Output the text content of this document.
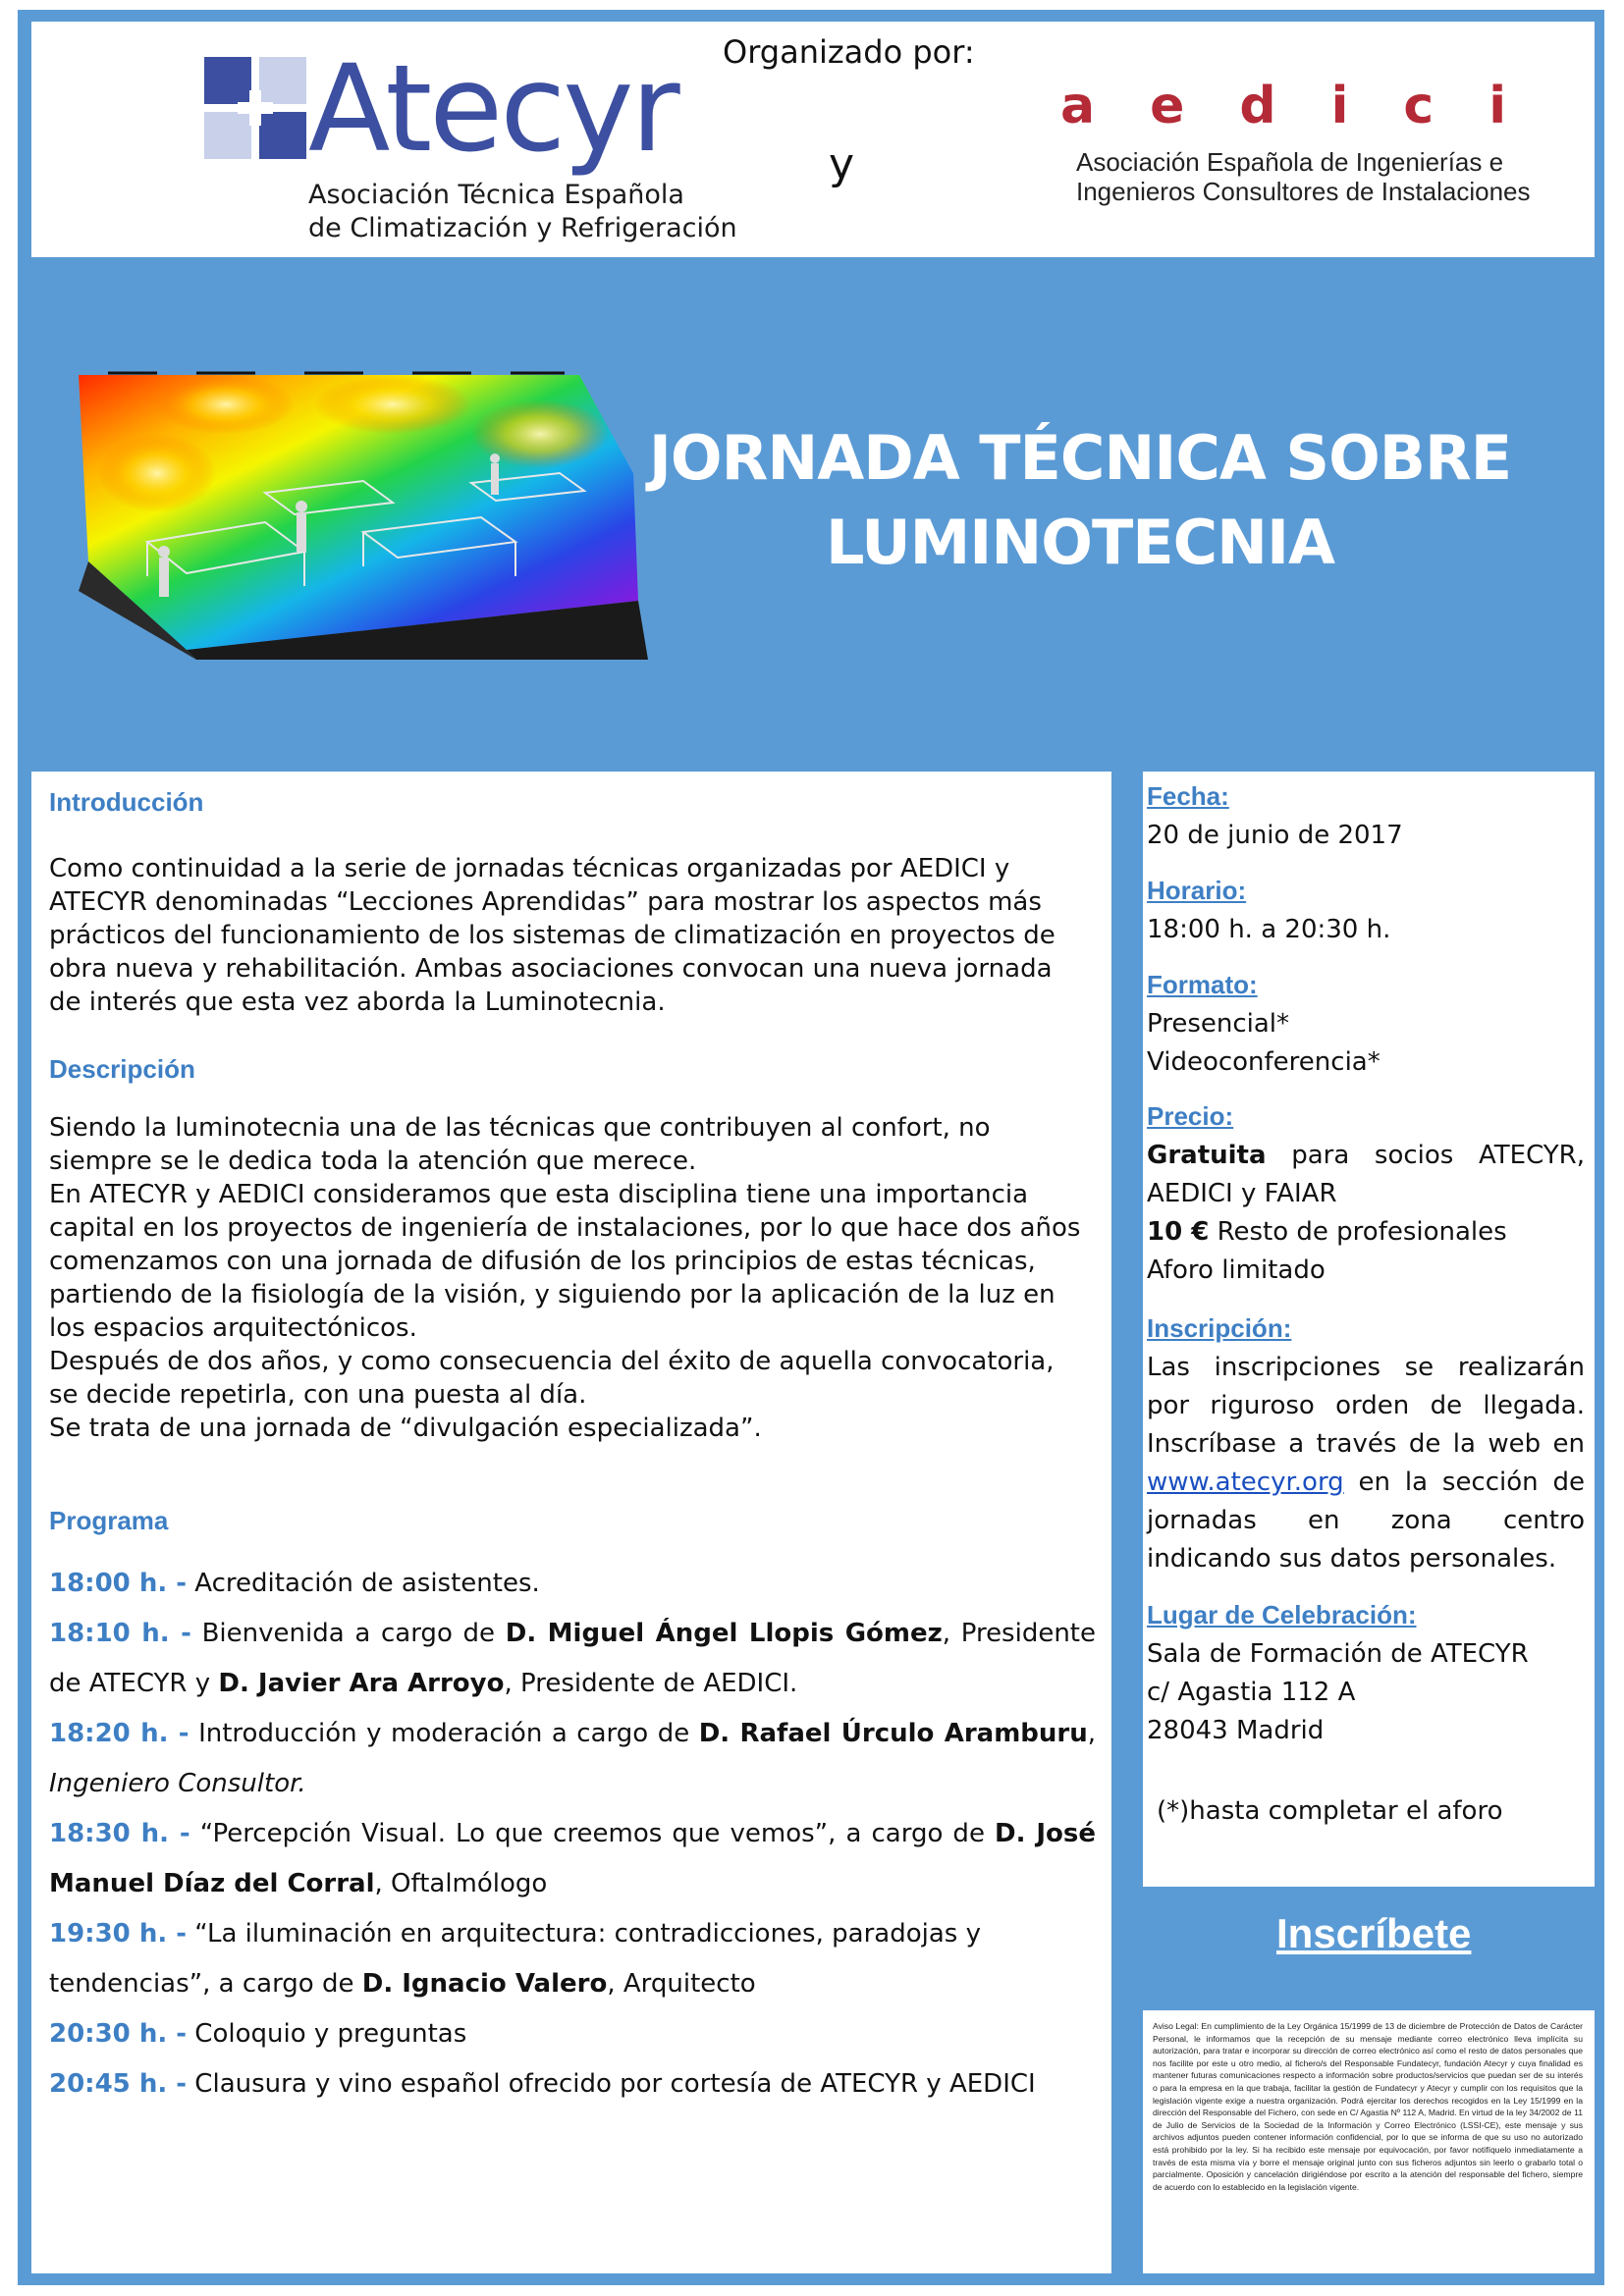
Atecyr
Asociación Técnica Española
de Climatización y Refrigeración
Organizado por:
y
aedici
Asociación Española de Ingenierías e
Ingenieros Consultores de Instalaciones
JORNADA TÉCNICA SOBRE
LUMINOTECNIA
Introducción
Como continuidad a la serie de jornadas técnicas organizadas por AEDICI y
ATECYR denominadas “Lecciones Aprendidas” para mostrar los aspectos más
prácticos del funcionamiento de los sistemas de climatización en proyectos de
obra nueva y rehabilitación. Ambas asociaciones convocan una nueva jornada
de interés que esta vez aborda la Luminotecnia.
Descripción
Siendo la luminotecnia una de las técnicas que contribuyen al confort, no
siempre se le dedica toda la atención que merece.
En ATECYR y AEDICI consideramos que esta disciplina tiene una importancia
capital en los proyectos de ingeniería de instalaciones, por lo que hace dos años
comenzamos con una jornada de difusión de los principios de estas técnicas,
partiendo de la fisiología de la visión, y siguiendo por la aplicación de la luz en
los espacios arquitectónicos.
Después de dos años, y como consecuencia del éxito de aquella convocatoria,
se decide repetirla, con una puesta al día.
Se trata de una jornada de “divulgación especializada”.
Programa
18:00 h. - Acreditación de asistentes.
18:10 h. - Bienvenida a cargo de D. Miguel Ángel Llopis Gómez, Presidente de ATECYR y D. Javier Ara Arroyo, Presidente de AEDICI.
18:20 h. - Introducción y moderación a cargo de D. Rafael Úrculo Aramburu, Ingeniero Consultor.
18:30 h. - “Percepción Visual. Lo que creemos que vemos”, a cargo de D. José Manuel Díaz del Corral, Oftalmólogo
19:30 h. - “La iluminación en arquitectura: contradicciones, paradojas y tendencias”, a cargo de D. Ignacio Valero, Arquitecto
20:30 h. - Coloquio y preguntas
20:45 h. - Clausura y vino español ofrecido por cortesía de ATECYR y AEDICI
Fecha:
20 de junio de 2017
Horario:
18:00 h. a 20:30 h.
Formato:
Presencial*
Videoconferencia*
Precio:
Gratuita para socios ATECYR, AEDICI y FAIAR
10 € Resto de profesionales
Aforo limitado
Inscripción:
Las inscripciones se realizarán por riguroso orden de llegada. Inscríbase a través de la web en www.atecyr.org en la sección de jornadas en zona centro indicando sus datos personales.
Lugar de Celebración:
Sala de Formación de ATECYR
c/ Agastia 112 A
28043 Madrid
(*)hasta completar el aforo
Inscríbete
Aviso Legal: En cumplimiento de la Ley Orgánica 15/1999 de 13 de diciembre de Protección de Datos de Carácter Personal, le informamos que la recepción de su mensaje mediante correo electrónico lleva implícita su autorización, para tratar e incorporar su dirección de correo electrónico así como el resto de datos personales que nos facilite por este u otro medio, al fichero/s del Responsable Fundatecyr, fundación Atecyr y cuya finalidad es mantener futuras comunicaciones respecto a información sobre productos/servicios que puedan ser de su interés o para la empresa en la que trabaja, facilitar la gestión de Fundatecyr y Atecyr y cumplir con los requisitos que la legislación vigente exige a nuestra organización. Podrá ejercitar los derechos recogidos en la Ley 15/1999 en la dirección del Responsable del Fichero, con sede en C/ Agastia Nº 112 A, Madrid. En virtud de la ley 34/2002 de 11 de Julio de Servicios de la Sociedad de la Información y Correo Electrónico (LSSI-CE), este mensaje y sus archivos adjuntos pueden contener información confidencial, por lo que se informa de que su uso no autorizado está prohibido por la ley. Si ha recibido este mensaje por equivocación, por favor notifíquelo inmediatamente a través de esta misma vía y borre el mensaje original junto con sus ficheros adjuntos sin leerlo o grabarlo total o parcialmente. Oposición y cancelación dirigiéndose por escrito a la atención del responsable del fichero, siempre de acuerdo con lo establecido en la legislación vigente.
